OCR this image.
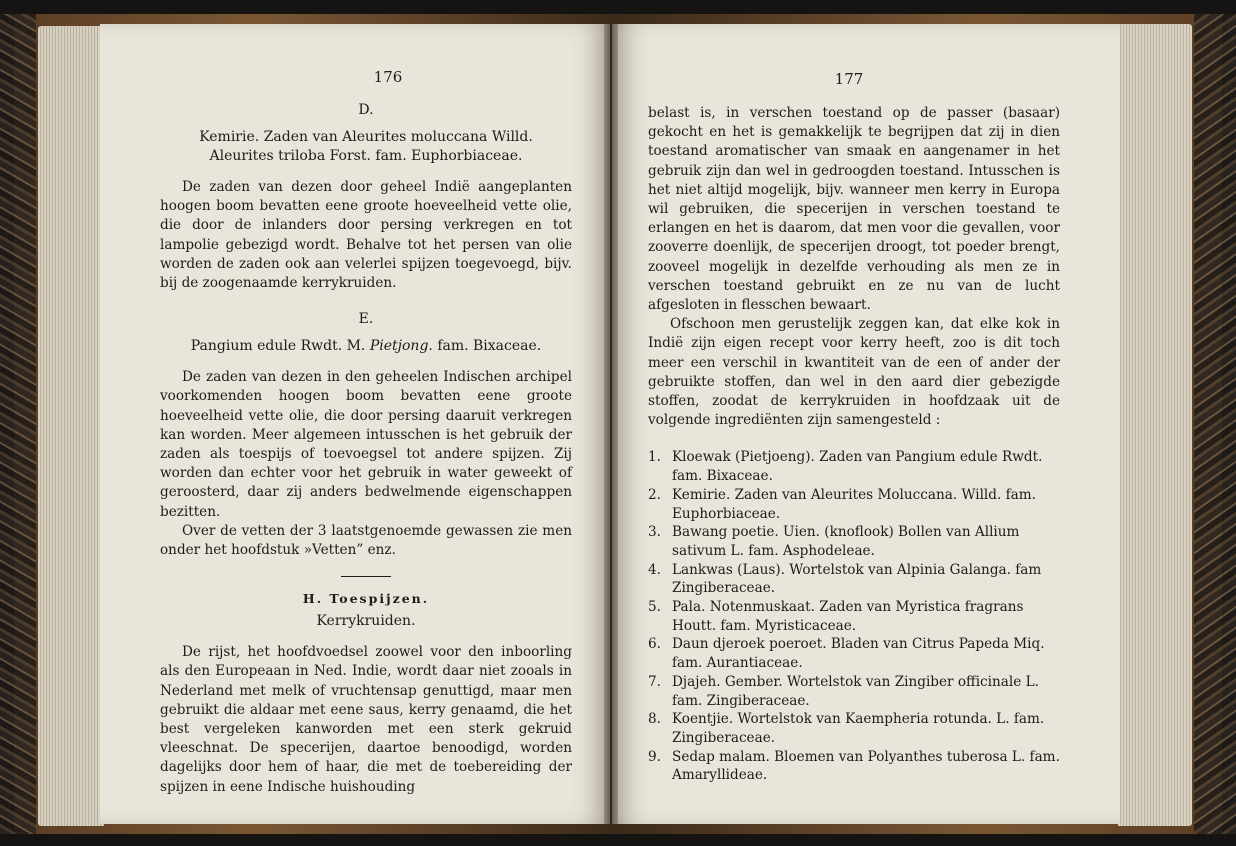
176
D.

Kemirie. Zaden van Aleurites moluccana Willd.

Aleurites triloba Forst. fam. Euphorbiaceae.

De zaden van dezen door geheel Indië aangeplanten hoogen boom bevatten eene groote hoeveelheid vette olie, die door de inlanders door persing verkregen en tot lampolie gebezigd wordt. Behalve tot het persen van olie worden de zaden ook aan velerlei spijzen toegevoegd, bijv. bij de zoogenaamde kerrykruiden.

E.

Pangium edule Rwdt. M. Pietjong. fam. Bixaceae.

De zaden van dezen in den geheelen Indischen archipel voorkomenden hoogen boom bevatten eene groote hoeveelheid vette olie, die door persing daaruit verkregen kan worden. Meer algemeen intusschen is het gebruik der zaden als toespijs of toevoegsel tot andere spijzen. Zij worden dan echter voor het gebruik in water geweekt of geroosterd, daar zij anders bedwelmende eigenschappen bezitten.

Over de vetten der 3 laatstgenoemde gewassen zie men onder het hoofdstuk »Vetten” enz.

H. Toespijzen.

Kerrykruiden.

De rijst, het hoofdvoedsel zoowel voor den inboorling als den Europeaan in Ned. Indie, wordt daar niet zooals in Nederland met melk of vruchtensap genuttigd, maar men gebruikt die aldaar met eene saus, kerry genaamd, die het best vergeleken kanworden met een sterk gekruid vleeschnat. De specerijen, daartoe benoodigd, worden dagelijks door hem of haar, die met de toebereiding der spijzen in eene Indische huishouding

177

belast is, in verschen toestand op de passer (basaar) gekocht en het is gemakkelijk te begrijpen dat zij in dien toestand aromatischer van smaak en aangenamer in het gebruik zijn dan wel in gedroogden toestand. Intusschen is het niet altijd mogelijk, bijv. wanneer men kerry in Europa wil gebruiken, die specerijen in verschen toestand te erlangen en het is daarom, dat men voor die gevallen, voor zooverre doenlijk, de specerijen droogt, tot poeder brengt, zooveel mogelijk in dezelfde verhouding als men ze in verschen toestand gebruikt en ze nu van de lucht afgesloten in flesschen bewaart.

Ofschoon men gerustelijk zeggen kan, dat elke kok in Indië zijn eigen recept voor kerry heeft, zoo is dit toch meer een verschil in kwantiteit van de een of ander der gebruikte stoffen, dan wel in den aard dier gebezigde stoffen, zoodat de kerrykruiden in hoofdzaak uit de volgende ingrediënten zijn samengesteld :

1. Kloewak (Pietjoeng). Zaden van Pangium edule Rwdt. fam. Bixaceae.
2. Kemirie. Zaden van Aleurites Moluccana. Willd. fam. Euphorbiaceae.
3. Bawang poetie. Uien. (knoflook) Bollen van Allium sativum L. fam. Asphodeleae.
4. Lankwas (Laus). Wortelstok van Alpinia Galanga. fam Zingiberaceae.
5. Pala. Notenmuskaat. Zaden van Myristica fragrans Houtt. fam. Myristicaceae.
6. Daun djeroek poeroet. Bladen van Citrus Papeda Miq. fam. Aurantiaceae.
7. Djajeh. Gember. Wortelstok van Zingiber officinale L. fam. Zingiberaceae.
8. Koentjie. Wortelstok van Kaempheria rotunda. L. fam. Zingiberaceae.
9. Sedap malam. Bloemen van Polyanthes tuberosa L. fam. Amaryllideae.
